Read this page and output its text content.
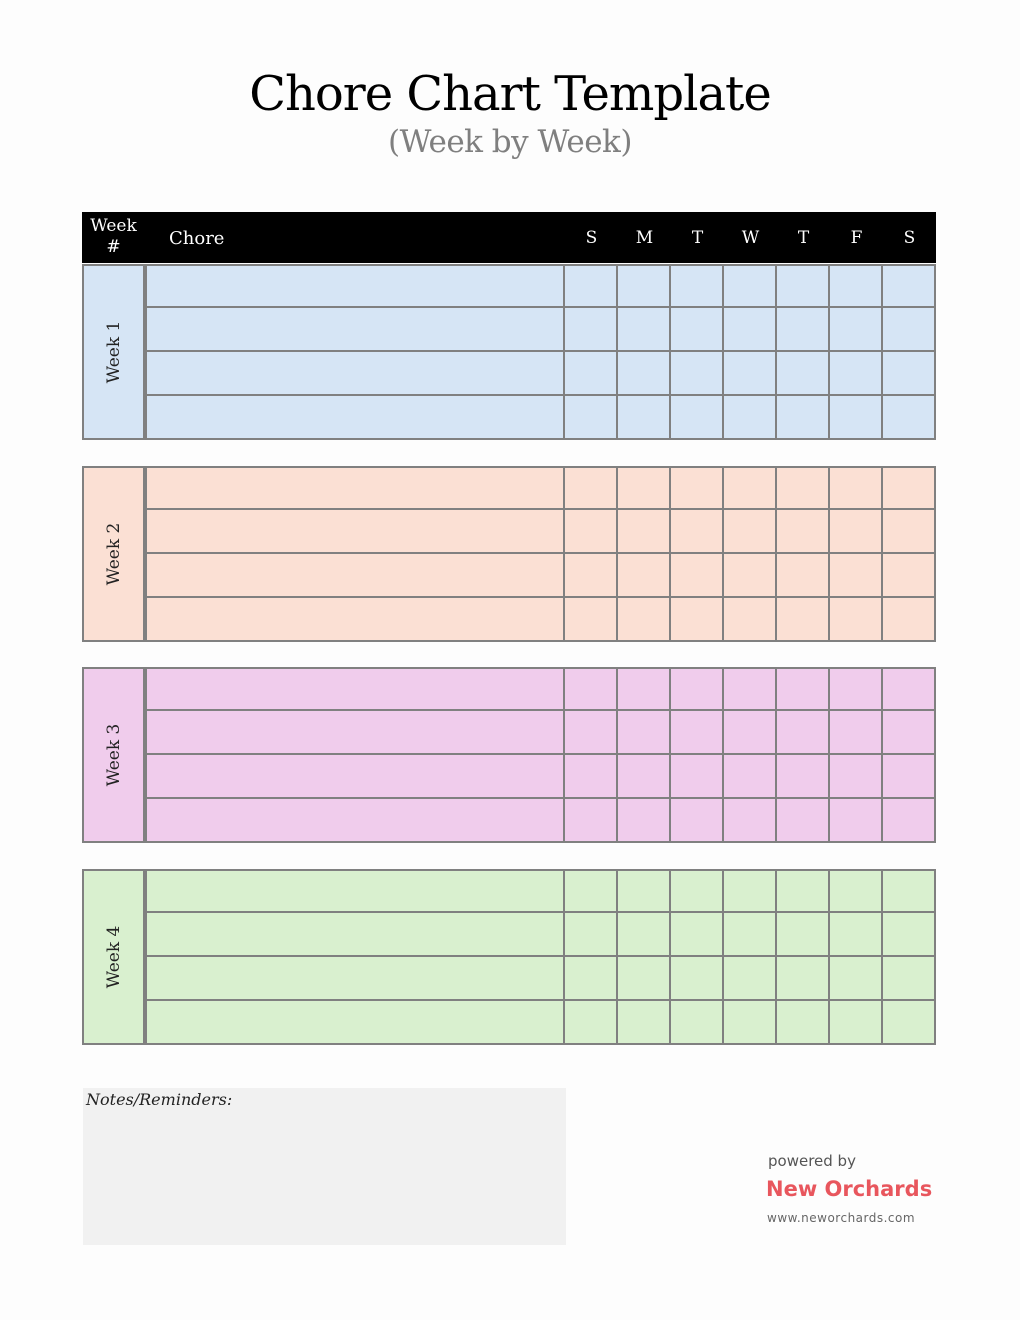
Chore Chart Template
(Week by Week)
Week
#	Chore	S	M	T	W	T	F	S
Week 1
Week 2
Week 3
Week 4
Notes/Reminders:
powered by
New Orchards
www.neworchards.com
